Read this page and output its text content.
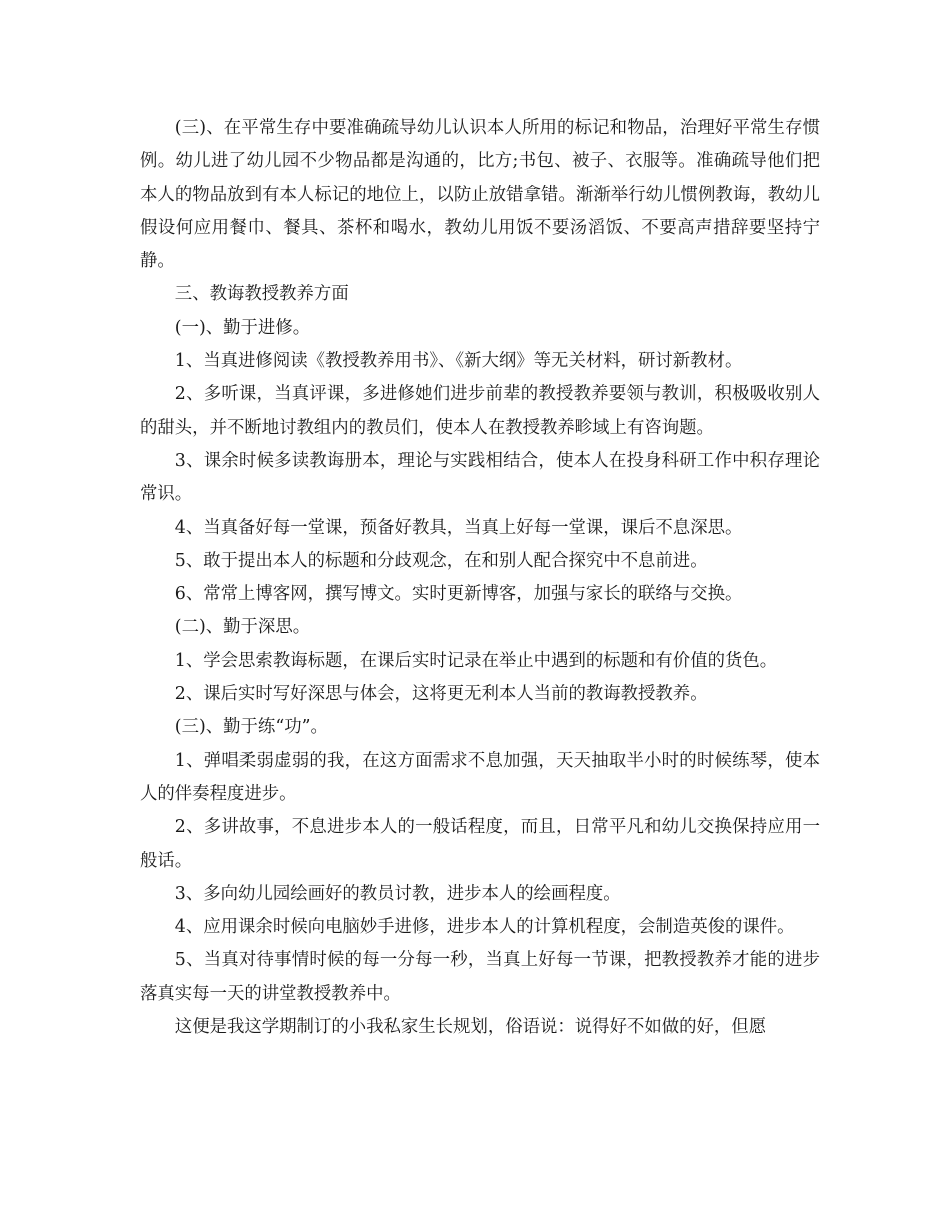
(三)、在平常生存中要准确疏导幼儿认识本人所用的标记和物品，治理好平常生存惯例。幼儿进了幼儿园不少物品都是沟通的，比方;书包、被子、衣服等。准确疏导他们把本人的物品放到有本人标记的地位上，以防止放错拿错。渐渐举行幼儿惯例教诲，教幼儿假设何应用餐巾、餐具、茶杯和喝水，教幼儿用饭不要汤滔饭、不要高声措辞要坚持宁静。

三、教诲教授教养方面

(一)、勤于进修。

1、当真进修阅读《教授教养用书》、《新大纲》等无关材料，研讨新教材。

2、多听课，当真评课，多进修她们进步前辈的教授教养要领与教训，积极吸收别人的甜头，并不断地讨教组内的教员们，使本人在教授教养畛域上有咨询题。

3、课余时候多读教诲册本，理论与实践相结合，使本人在投身科研工作中积存理论常识。

4、当真备好每一堂课，预备好教具，当真上好每一堂课，课后不息深思。

5、敢于提出本人的标题和分歧观念，在和别人配合探究中不息前进。

6、常常上博客网，撰写博文。实时更新博客，加强与家长的联络与交换。

(二)、勤于深思。

1、学会思索教诲标题，在课后实时记录在举止中遇到的标题和有价值的货色。

2、课后实时写好深思与体会，这将更无利本人当前的教诲教授教养。

(三)、勤于练“功”。

1、弹唱柔弱虚弱的我，在这方面需求不息加强，天天抽取半小时的时候练琴，使本人的伴奏程度进步。

2、多讲故事，不息进步本人的一般话程度，而且，日常平凡和幼儿交换保持应用一般话。

3、多向幼儿园绘画好的教员讨教，进步本人的绘画程度。

4、应用课余时候向电脑妙手进修，进步本人的计算机程度，会制造英俊的课件。

5、当真对待事情时候的每一分每一秒，当真上好每一节课，把教授教养才能的进步落真实每一天的讲堂教授教养中。

这便是我这学期制订的小我私家生长规划，俗语说：说得好不如做的好，但愿
